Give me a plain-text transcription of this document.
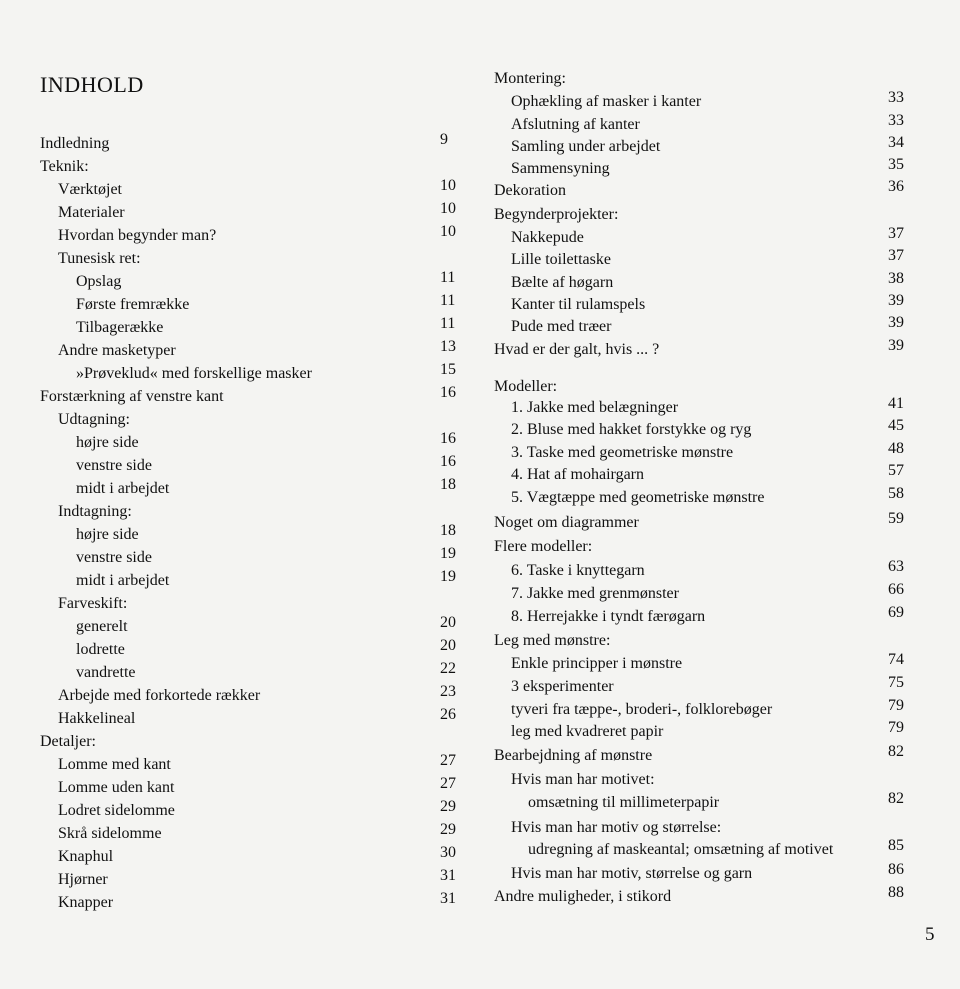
INDHOLD
Indledning	9
Teknik:
Værktøjet	10
Materialer	10
Hvordan begynder man?	10
Tunesisk ret:
Opslag	11
Første fremrække	11
Tilbagerække	11
Andre masketyper	13
»Prøveklud« med forskellige masker	15
Forstærkning af venstre kant	16
Udtagning:
højre side	16
venstre side	16
midt i arbejdet	18
Indtagning:
højre side	18
venstre side	19
midt i arbejdet	19
Farveskift:
generelt	20
lodrette	20
vandrette	22
Arbejde med forkortede rækker	23
Hakkelineal	26
Detaljer:
Lomme med kant	27
Lomme uden kant	27
Lodret sidelomme	29
Skrå sidelomme	29
Knaphul	30
Hjørner	31
Knapper	31
Montering:
Ophækling af masker i kanter	33
Afslutning af kanter	33
Samling under arbejdet	34
Sammensyning	35
Dekoration	36
Begynderprojekter:
Nakkepude	37
Lille toilettaske	37
Bælte af høgarn	38
Kanter til rulamspels	39
Pude med træer	39
Hvad er der galt, hvis ... ?	39
Modeller:
1. Jakke med belægninger	41
2. Bluse med hakket forstykke og ryg	45
3. Taske med geometriske mønstre	48
4. Hat af mohairgarn	57
5. Vægtæppe med geometriske mønstre	58
Noget om diagrammer	59
Flere modeller:
6. Taske i knyttegarn	63
7. Jakke med grenmønster	66
8. Herrejakke i tyndt færøgarn	69
Leg med mønstre:
Enkle principper i mønstre	74
3 eksperimenter	75
tyveri fra tæppe-, broderi-, folklorebøger	79
leg med kvadreret papir	79
Bearbejdning af mønstre	82
Hvis man har motivet:
omsætning til millimeterpapir	82
Hvis man har motiv og størrelse:
udregning af maskeantal; omsætning af motivet	85
Hvis man har motiv, størrelse og garn	86
Andre muligheder, i stikord	88
5
